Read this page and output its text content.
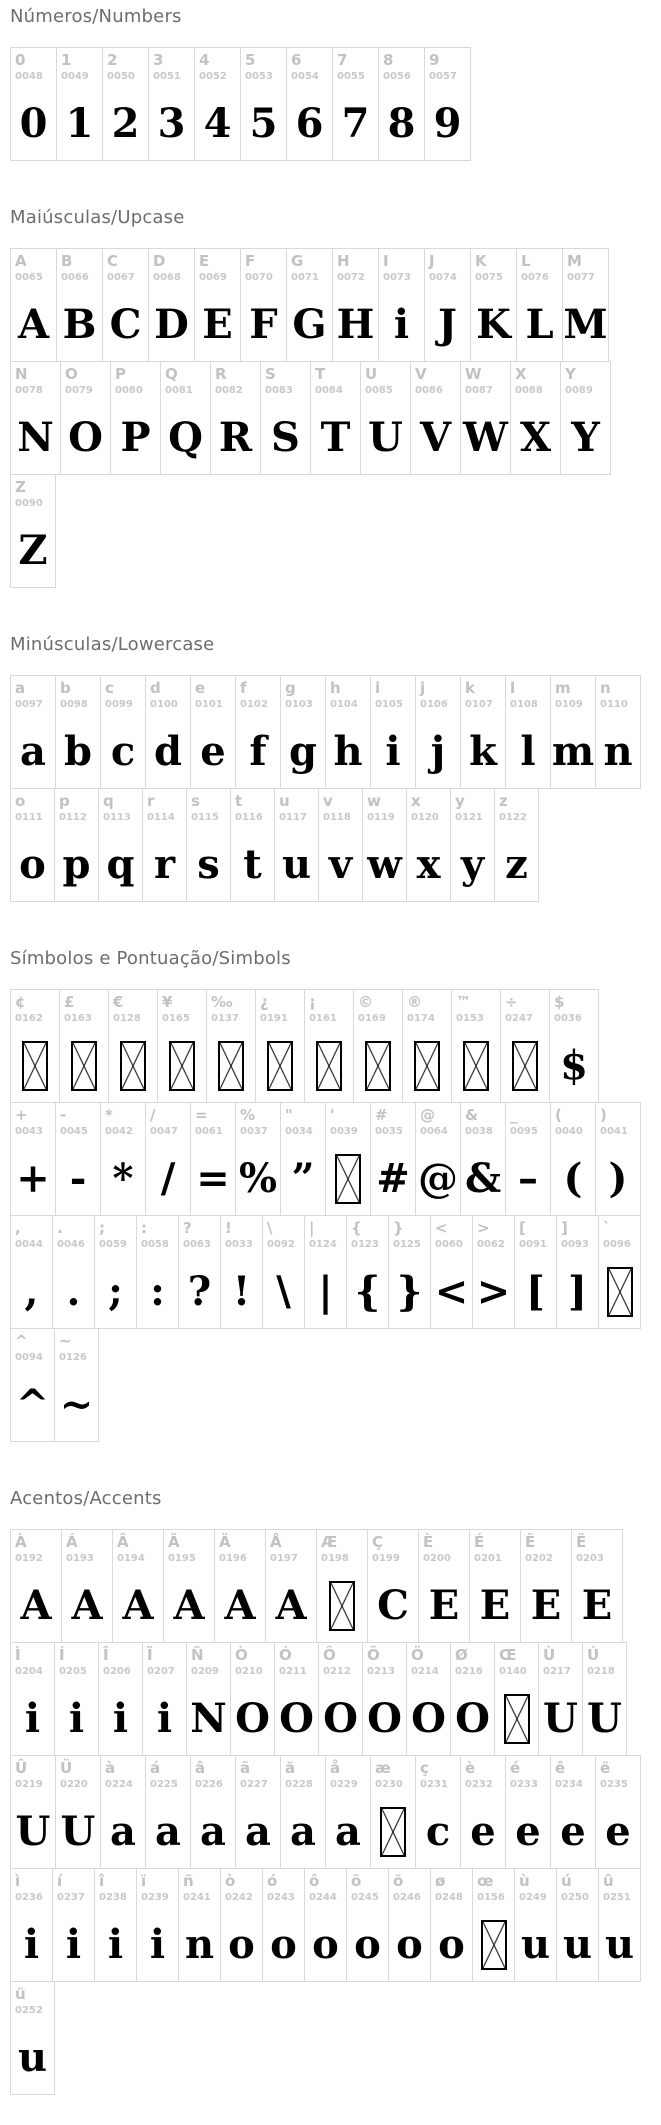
Números/Numbers
0
0048
0
1
0049
1
2
0050
2
3
0051
3
4
0052
4
5
0053
5
6
0054
6
7
0055
7
8
0056
8
9
0057
9
Maiúsculas/Upcase
A
0065
A
B
0066
B
C
0067
C
D
0068
D
E
0069
E
F
0070
F
G
0071
G
H
0072
H
I
0073
i
J
0074
J
K
0075
K
L
0076
L
M
0077
M
N
0078
N
O
0079
O
P
0080
P
Q
0081
Q
R
0082
R
S
0083
S
T
0084
T
U
0085
U
V
0086
V
W
0087
W
X
0088
X
Y
0089
Y
Z
0090
Z
Minúsculas/Lowercase
a
0097
a
b
0098
b
c
0099
c
d
0100
d
e
0101
e
f
0102
f
g
0103
g
h
0104
h
i
0105
i
j
0106
j
k
0107
k
l
0108
l
m
0109
m
n
0110
n
o
0111
o
p
0112
p
q
0113
q
r
0114
r
s
0115
s
t
0116
t
u
0117
u
v
0118
v
w
0119
w
x
0120
x
y
0121
y
z
0122
z
Símbolos e Pontuação/Simbols
¢
0162
£
0163
€
0128
¥
0165
‰
0137
¿
0191
¡
0161
©
0169
®
0174
™
0153
÷
0247
$
0036
$
+
0043
+
-
0045
-
*
0042
*
/
0047
/
=
0061
=
%
0037
%
"
0034
”
'
0039
#
0035
#
@
0064
@
&
0038
&
_
0095
–
(
0040
(
)
0041
)
,
0044
,
.
0046
.
;
0059
;
:
0058
:
?
0063
?
!
0033
!
\
0092
\
|
0124
|
{
0123
{
}
0125
}
<
0060
<
>
0062
>
[
0091
[
]
0093
]
`
0096
^
0094
^
~
0126
~
Acentos/Accents
À
0192
A
Á
0193
A
Â
0194
A
Ã
0195
A
Ä
0196
A
Å
0197
A
Æ
0198
Ç
0199
C
È
0200
E
É
0201
E
Ê
0202
E
Ë
0203
E
Ì
0204
i
Í
0205
i
Î
0206
i
Ï
0207
i
Ñ
0209
N
Ò
0210
O
Ó
0211
O
Ô
0212
O
Õ
0213
O
Ö
0214
O
Ø
0216
O
Œ
0140
Ù
0217
U
Ú
0218
U
Û
0219
U
Ü
0220
U
à
0224
a
á
0225
a
â
0226
a
ã
0227
a
ä
0228
a
å
0229
a
æ
0230
ç
0231
c
è
0232
e
é
0233
e
ê
0234
e
ë
0235
e
ì
0236
i
í
0237
i
î
0238
i
ï
0239
i
ñ
0241
n
ò
0242
o
ó
0243
o
ô
0244
o
õ
0245
o
ö
0246
o
ø
0248
o
œ
0156
ù
0249
u
ú
0250
u
û
0251
u
ü
0252
u
